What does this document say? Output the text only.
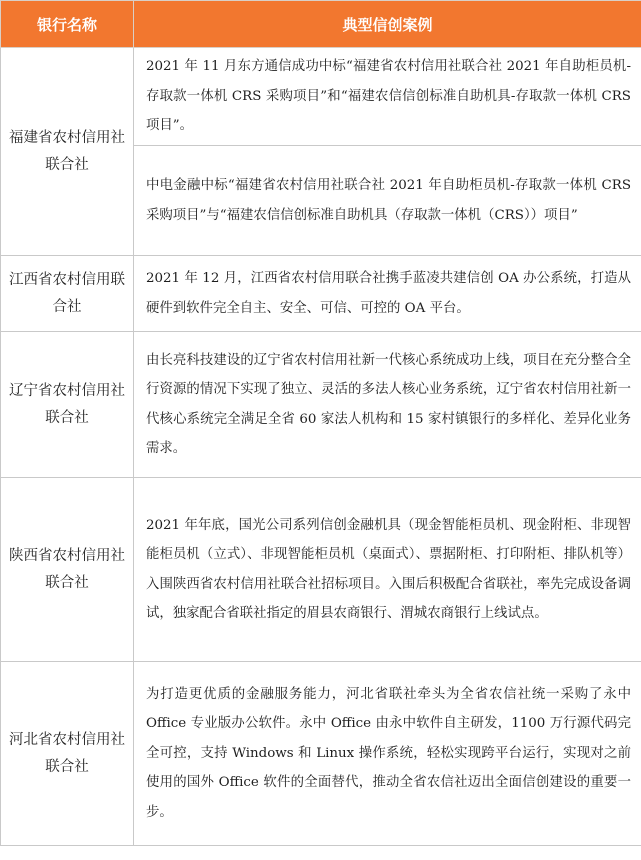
银行名称	典型信创案例
福建省农村信用社联合社	2021 年 11 月东方通信成功中标“福建省农村信用社联合社 2021 年自助柜员机-存取款一体机 CRS 采购项目”和“福建农信信创标准自助机具-存取款一体机 CRS 项目”。

	中电金融中标“福建省农村信用社联合社 2021 年自助柜员机-存取款一体机 CRS 采购项目”与“福建农信信创标准自助机具（存取款一体机（CRS））项目”

江西省农村信用联合社	2021 年 12 月，江西省农村信用联合社携手蓝凌共建信创 OA 办公系统，打造从硬件到软件完全自主、安全、可信、可控的 OA 平台。

辽宁省农村信用社联合社	由长亮科技建设的辽宁省农村信用社新一代核心系统成功上线，项目在充分整合全行资源的情况下实现了独立、灵活的多法人核心业务系统，辽宁省农村信用社新一代核心系统完全满足全省 60 家法人机构和 15 家村镇银行的多样化、差异化业务需求。

陕西省农村信用社联合社	2021 年年底，国光公司系列信创金融机具（现金智能柜员机、现金附柜、非现智能柜员机（立式）、非现智能柜员机（桌面式）、票据附柜、打印附柜、排队机等）入围陕西省农村信用社联合社招标项目。入围后积极配合省联社，率先完成设备调试，独家配合省联社指定的眉县农商银行、渭城农商银行上线试点。

河北省农村信用社联合社	为打造更优质的金融服务能力，河北省联社牵头为全省农信社统一采购了永中 Office 专业版办公软件。永中 Office 由永中软件自主研发，1100 万行源代码完全可控，支持 Windows 和 Linux 操作系统，轻松实现跨平台运行，实现对之前使用的国外 Office 软件的全面替代，推动全省农信社迈出全面信创建设的重要一步。
